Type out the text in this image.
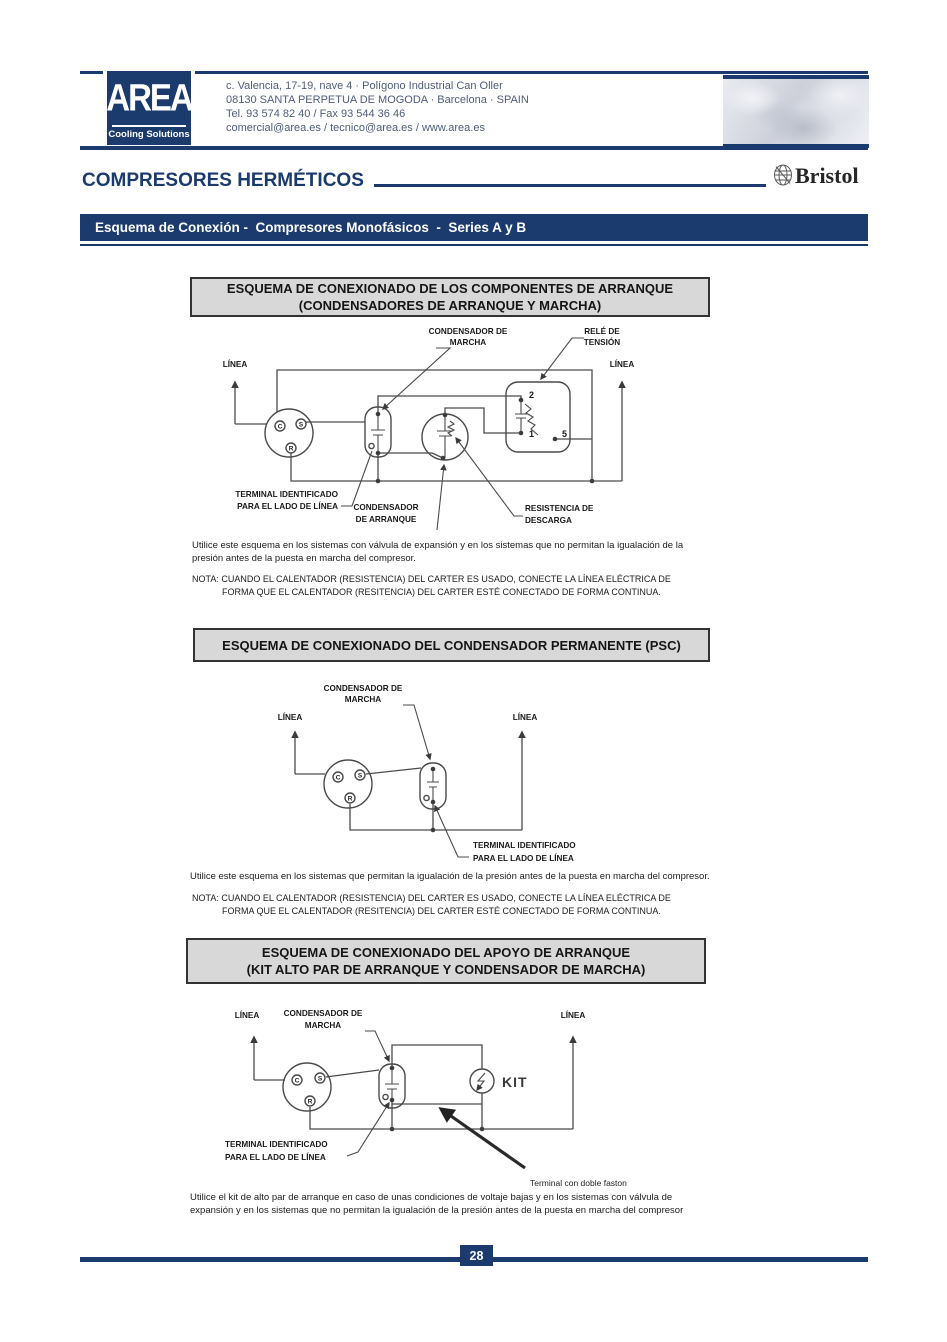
AREA
Cooling Solutions
c. Valencia, 17-19, nave 4 · Polígono Industrial Can Oller
08130 SANTA PERPETUA DE MOGODA · Barcelona · SPAIN
Tel. 93 574 82 40 / Fax 93 544 36 46
comercial@area.es / tecnico@area.es / www.area.es
COMPRESORES HERMÉTICOS	Bristol
Esquema de Conexión -  Compresores Monofásicos  -  Series A y B
ESQUEMA DE CONEXIONADO DE LOS COMPONENTES DE ARRANQUE
(CONDENSADORES DE ARRANQUE Y MARCHA)
C	S
R
2
1	5
LÍNEA	LÍNEA
CONDENSADOR DE
MARCHA
RELÉ DE
TENSIÓN
TERMINAL IDENTIFICADO
PARA EL LADO DE LÍNEA CONDENSADOR
DE ARRANQUE
RESISTENCIA DE
DESCARGA
Utilice este esquema en los sistemas con válvula de expansión y en los sistemas que no permitan la igualación de la
presión antes de la puesta en marcha del compresor.
NOTA: CUANDO EL CALENTADOR (RESISTENCIA) DEL CARTER ES USADO, CONECTE LA LÍNEA ELÉCTRICA DE
FORMA QUE EL CALENTADOR (RESITENCIA) DEL CARTER ESTÉ CONECTADO DE FORMA CONTINUA.
ESQUEMA DE CONEXIONADO DEL CONDENSADOR PERMANENTE (PSC)
C	S
R
LÍNEA	LÍNEA
CONDENSADOR DE
MARCHA
TERMINAL IDENTIFICADO
PARA EL LADO DE LÍNEA
Utilice este esquema en los sistemas que permitan la igualación de la presión antes de la puesta en marcha del compresor.
NOTA: CUANDO EL CALENTADOR (RESISTENCIA) DEL CARTER ES USADO, CONECTE LA LÍNEA ELÉCTRICA DE
FORMA QUE EL CALENTADOR (RESITENCIA) DEL CARTER ESTÉ CONECTADO DE FORMA CONTINUA.
ESQUEMA DE CONEXIONADO DEL APOYO DE ARRANQUE
(KIT ALTO PAR DE ARRANQUE Y CONDENSADOR DE MARCHA)
C	S
R
KIT
LÍNEA	LÍNEA
CONDENSADOR DE
MARCHA
TERMINAL IDENTIFICADO
PARA EL LADO DE LÍNEA
Terminal con doble faston
Utilice el kit de alto par de arranque en caso de unas condiciones de voltaje bajas y en los sistemas con válvula de
expansión y en los sistemas que no permitan la igualación de la presión antes de la puesta en marcha del compresor
28
